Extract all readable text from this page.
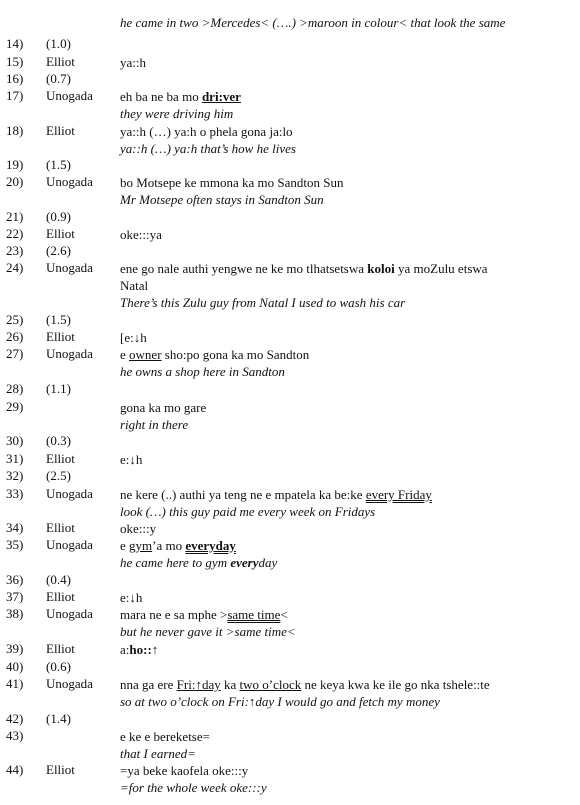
he came in two >Mercedes< (….) >maroon in colour< that look the same
14) (1.0)
15) Elliot	ya::h
16) (0.7)
17) Unogada eh ba ne ba mo dri:ver
they were driving him
18) Elliot	ya::h (…) ya:h o phela gona ja:lo
ya::h (…) ya:h that’s how he lives
19) (1.5)
20) Unogada bo Motsepe ke mmona ka mo Sandton Sun
Mr Motsepe often stays in Sandton Sun
21) (0.9)
22) Elliot	oke:::ya
23) (2.6)
24) Unogada ene go nale authi yengwe ne ke mo tlhatsetswa koloi ya moZulu etswa
Natal
There’s this Zulu guy from Natal I used to wash his car
25) (1.5)
26) Elliot	[e:↓h
27) Unogada e owner sho:po gona ka mo Sandton
he owns a shop here in Sandton
28) (1.1)
29)	gona ka mo gare
right in there
30) (0.3)
31) Elliot	e:↓h
32) (2.5)
33) Unogada ne kere (..) authi ya teng ne e mpatela ka be:ke every Friday
look (…) this guy paid me every week on Fridays
34) Elliot	oke:::y
35) Unogada e gym’a mo everyday
he came here to gym everyday
36) (0.4)
37) Elliot	e:↓h
38) Unogada mara ne e sa mphe >same time<
but he never gave it >same time<
39) Elliot	a:ho::↑
40) (0.6)
41) Unogada nna ga ere Fri:↑day ka two o’clock ne keya kwa ke ile go nka tshele::te
so at two o’clock on Fri:↑day I would go and fetch my money
42) (1.4)
43)	e ke e bereketse=
that I earned=
44) Elliot	=ya beke kaofela oke:::y
=for the whole week oke:::y
